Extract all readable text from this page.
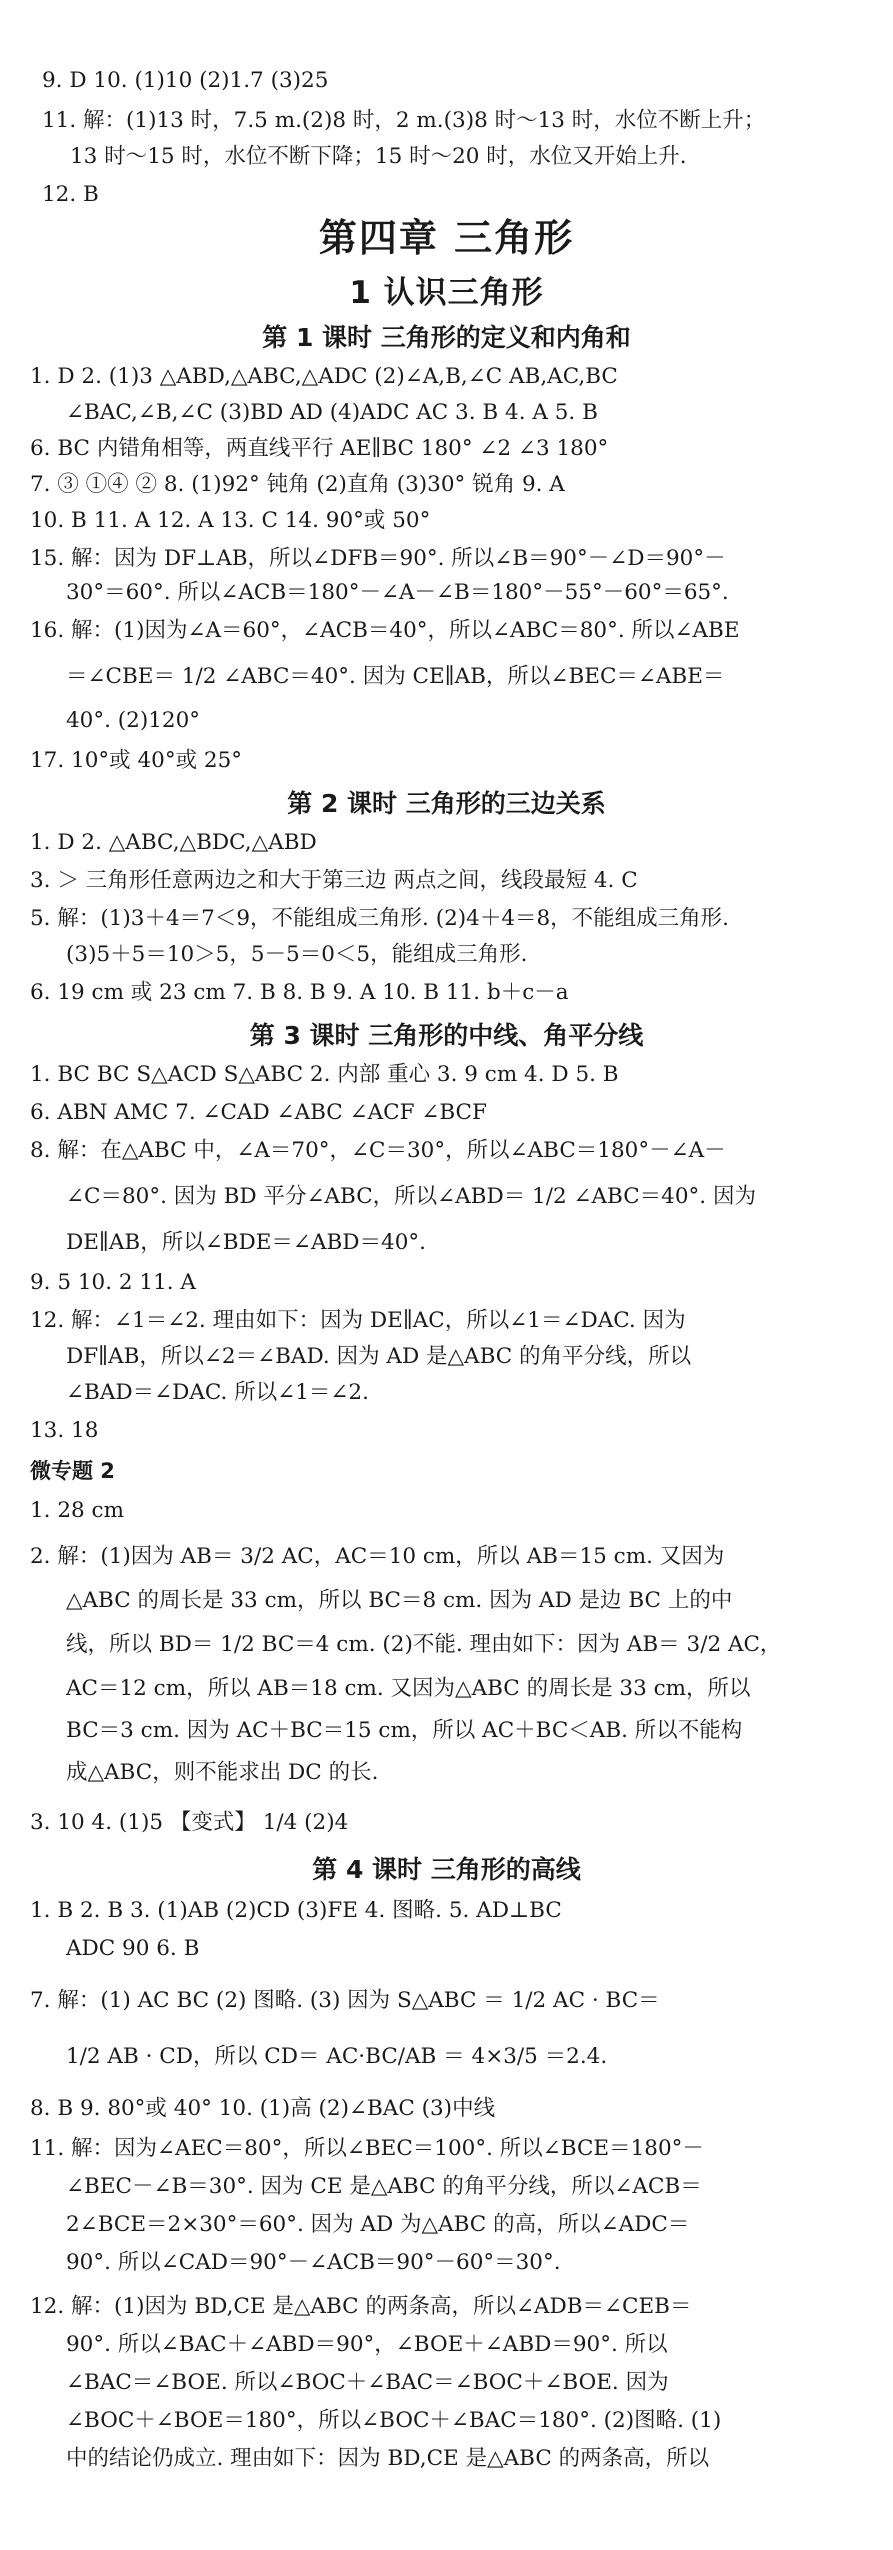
9. D 10. (1)10 (2)1.7 (3)25
11. 解：(1)13 时，7.5 m.(2)8 时，2 m.(3)8 时～13 时，水位不断上升；
13 时～15 时，水位不断下降；15 时～20 时，水位又开始上升.
12. B
第四章 三角形
1 认识三角形
第 1 课时 三角形的定义和内角和
1. D 2. (1)3 △ABD,△ABC,△ADC (2)∠A,B,∠C AB,AC,BC
∠BAC,∠B,∠C (3)BD AD (4)ADC AC 3. B 4. A 5. B
6. BC 内错角相等，两直线平行 AE∥BC 180° ∠2 ∠3 180°
7. ③ ①④ ② 8. (1)92° 钝角 (2)直角 (3)30° 锐角 9. A
10. B 11. A 12. A 13. C 14. 90°或 50°
15. 解：因为 DF⊥AB，所以∠DFB＝90°. 所以∠B＝90°－∠D＝90°－
30°＝60°. 所以∠ACB＝180°－∠A－∠B＝180°－55°－60°＝65°.
16. 解：(1)因为∠A＝60°，∠ACB＝40°，所以∠ABC＝80°. 所以∠ABE
＝∠CBE＝ 1/2 ∠ABC＝40°. 因为 CE∥AB，所以∠BEC＝∠ABE＝
40°. (2)120°
17. 10°或 40°或 25°
第 2 课时 三角形的三边关系
1. D 2. △ABC,△BDC,△ABD
3. ＞ 三角形任意两边之和大于第三边 两点之间，线段最短 4. C
5. 解：(1)3＋4＝7＜9，不能组成三角形. (2)4＋4＝8，不能组成三角形.
(3)5＋5＝10＞5，5－5＝0＜5，能组成三角形.
6. 19 cm 或 23 cm 7. B 8. B 9. A 10. B 11. b＋c－a
第 3 课时 三角形的中线、角平分线
1. BC BC S△ACD S△ABC 2. 内部 重心 3. 9 cm 4. D 5. B
6. ABN AMC 7. ∠CAD ∠ABC ∠ACF ∠BCF
8. 解：在△ABC 中，∠A＝70°，∠C＝30°，所以∠ABC＝180°－∠A－
∠C＝80°. 因为 BD 平分∠ABC，所以∠ABD＝ 1/2 ∠ABC＝40°. 因为
DE∥AB，所以∠BDE＝∠ABD＝40°.
9. 5 10. 2 11. A
12. 解：∠1＝∠2. 理由如下：因为 DE∥AC，所以∠1＝∠DAC. 因为
DF∥AB，所以∠2＝∠BAD. 因为 AD 是△ABC 的角平分线，所以
∠BAD＝∠DAC. 所以∠1＝∠2.
13. 18
微专题 2
1. 28 cm
2. 解：(1)因为 AB＝ 3/2 AC，AC＝10 cm，所以 AB＝15 cm. 又因为
△ABC 的周长是 33 cm，所以 BC＝8 cm. 因为 AD 是边 BC 上的中
线，所以 BD＝ 1/2 BC＝4 cm. (2)不能. 理由如下：因为 AB＝ 3/2 AC，
AC＝12 cm，所以 AB＝18 cm. 又因为△ABC 的周长是 33 cm，所以
BC＝3 cm. 因为 AC＋BC＝15 cm，所以 AC＋BC＜AB. 所以不能构
成△ABC，则不能求出 DC 的长.
3. 10 4. (1)5 【变式】 1/4 (2)4
第 4 课时 三角形的高线
1. B 2. B 3. (1)AB (2)CD (3)FE 4. 图略. 5. AD⊥BC
ADC 90 6. B
7. 解：(1) AC BC (2) 图略. (3) 因为 S△ABC ＝ 1/2 AC · BC＝
1/2 AB · CD，所以 CD＝ AC·BC/AB ＝ 4×3/5 ＝2.4.
8. B 9. 80°或 40° 10. (1)高 (2)∠BAC (3)中线
11. 解：因为∠AEC＝80°，所以∠BEC＝100°. 所以∠BCE＝180°－
∠BEC－∠B＝30°. 因为 CE 是△ABC 的角平分线，所以∠ACB＝
2∠BCE＝2×30°＝60°. 因为 AD 为△ABC 的高，所以∠ADC＝
90°. 所以∠CAD＝90°－∠ACB＝90°－60°＝30°.
12. 解：(1)因为 BD,CE 是△ABC 的两条高，所以∠ADB＝∠CEB＝
90°. 所以∠BAC＋∠ABD＝90°，∠BOE＋∠ABD＝90°. 所以
∠BAC＝∠BOE. 所以∠BOC＋∠BAC＝∠BOC＋∠BOE. 因为
∠BOC＋∠BOE＝180°，所以∠BOC＋∠BAC＝180°. (2)图略. (1)
中的结论仍成立. 理由如下：因为 BD,CE 是△ABC 的两条高，所以
